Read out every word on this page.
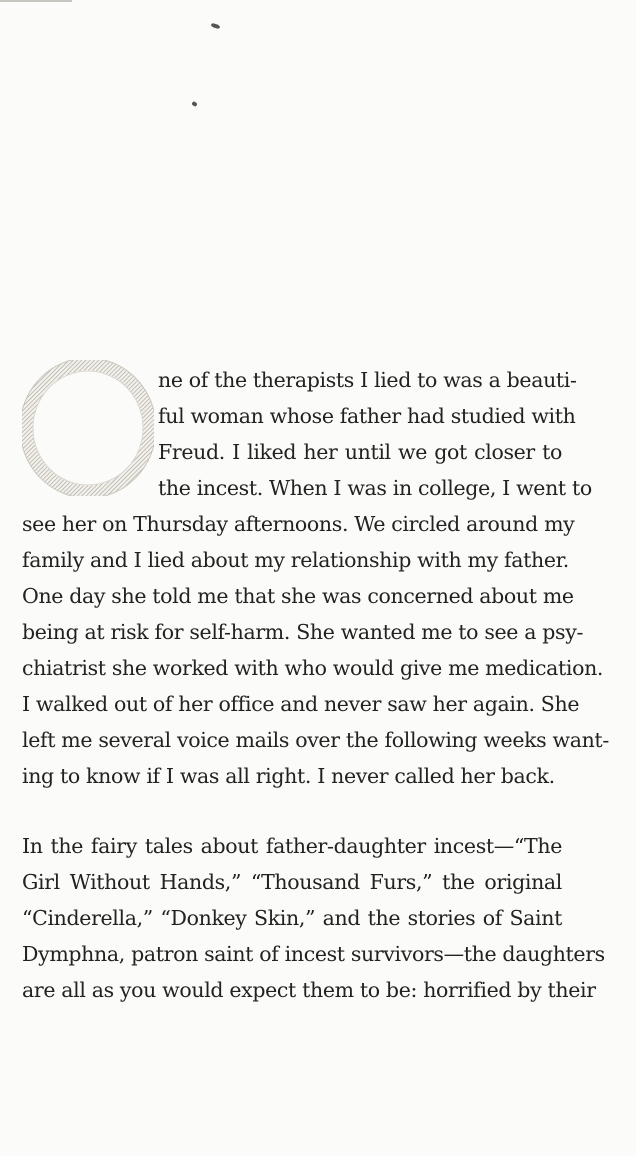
ne of the therapists I lied to was a beauti-
ful woman whose father had studied with
Freud. I liked her until we got closer to
the incest. When I was in college, I went to
see her on Thursday afternoons. We circled around my
family and I lied about my relationship with my father.
One day she told me that she was concerned about me
being at risk for self-harm. She wanted me to see a psy-
chiatrist she worked with who would give me medication.
I walked out of her office and never saw her again. She
left me several voice mails over the following weeks want-
ing to know if I was all right. I never called her back.
In the fairy tales about father-daughter incest—“The
Girl Without Hands,” “Thousand Furs,” the original
“Cinderella,” “Donkey Skin,” and the stories of Saint
Dymphna, patron saint of incest survivors—the daughters
are all as you would expect them to be: horrified by their
